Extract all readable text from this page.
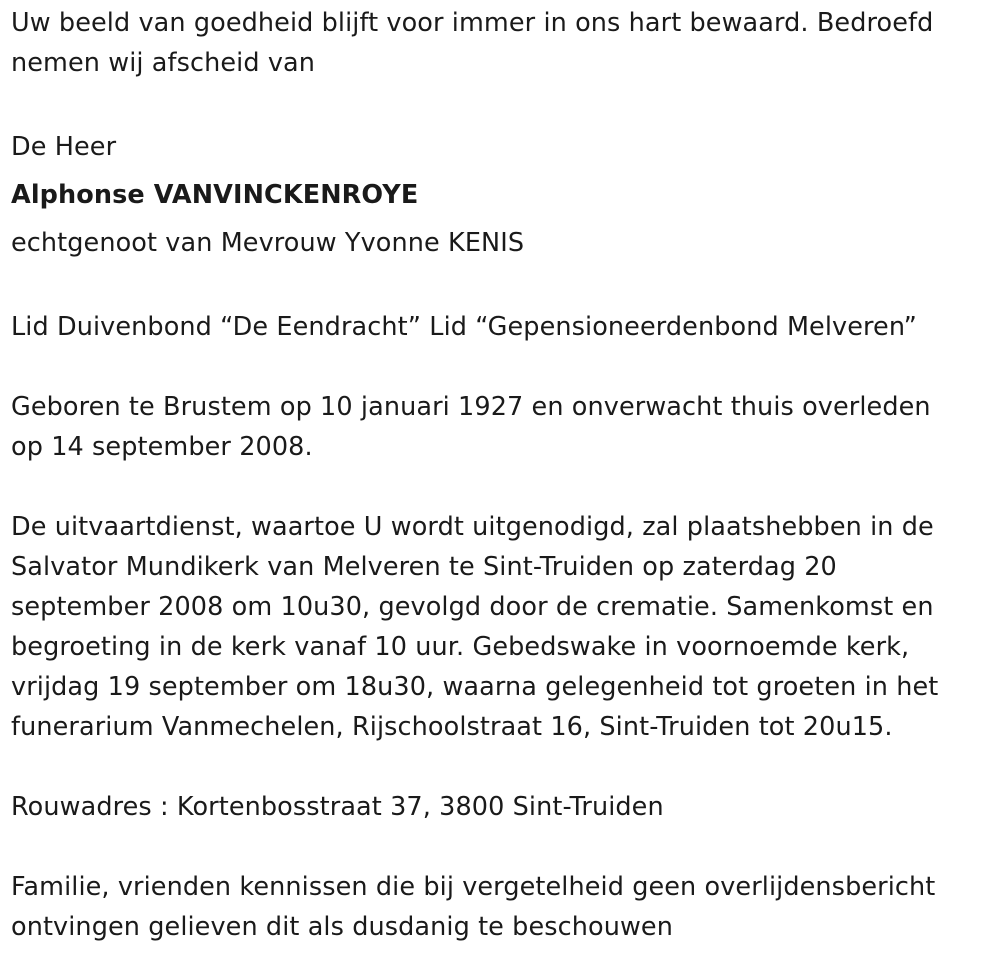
Uw beeld van goedheid blijft voor immer in ons hart bewaard. Bedroefd

nemen wij afscheid van

De Heer

Alphonse VANVINCKENROYE

echtgenoot van Mevrouw Yvonne KENIS

Lid Duivenbond “De Eendracht” Lid “Gepensioneerdenbond Melveren”

Geboren te Brustem op 10 januari 1927 en onverwacht thuis overleden

op 14 september 2008.

De uitvaartdienst, waartoe U wordt uitgenodigd, zal plaatshebben in de

Salvator Mundikerk van Melveren te Sint-Truiden op zaterdag 20

september 2008 om 10u30, gevolgd door de crematie. Samenkomst en

begroeting in de kerk vanaf 10 uur. Gebedswake in voornoemde kerk,

vrijdag 19 september om 18u30, waarna gelegenheid tot groeten in het

funerarium Vanmechelen, Rijschoolstraat 16, Sint-Truiden tot 20u15.

Rouwadres : Kortenbosstraat 37, 3800 Sint-Truiden

Familie, vrienden kennissen die bij vergetelheid geen overlijdensbericht

ontvingen gelieven dit als dusdanig te beschouwen
